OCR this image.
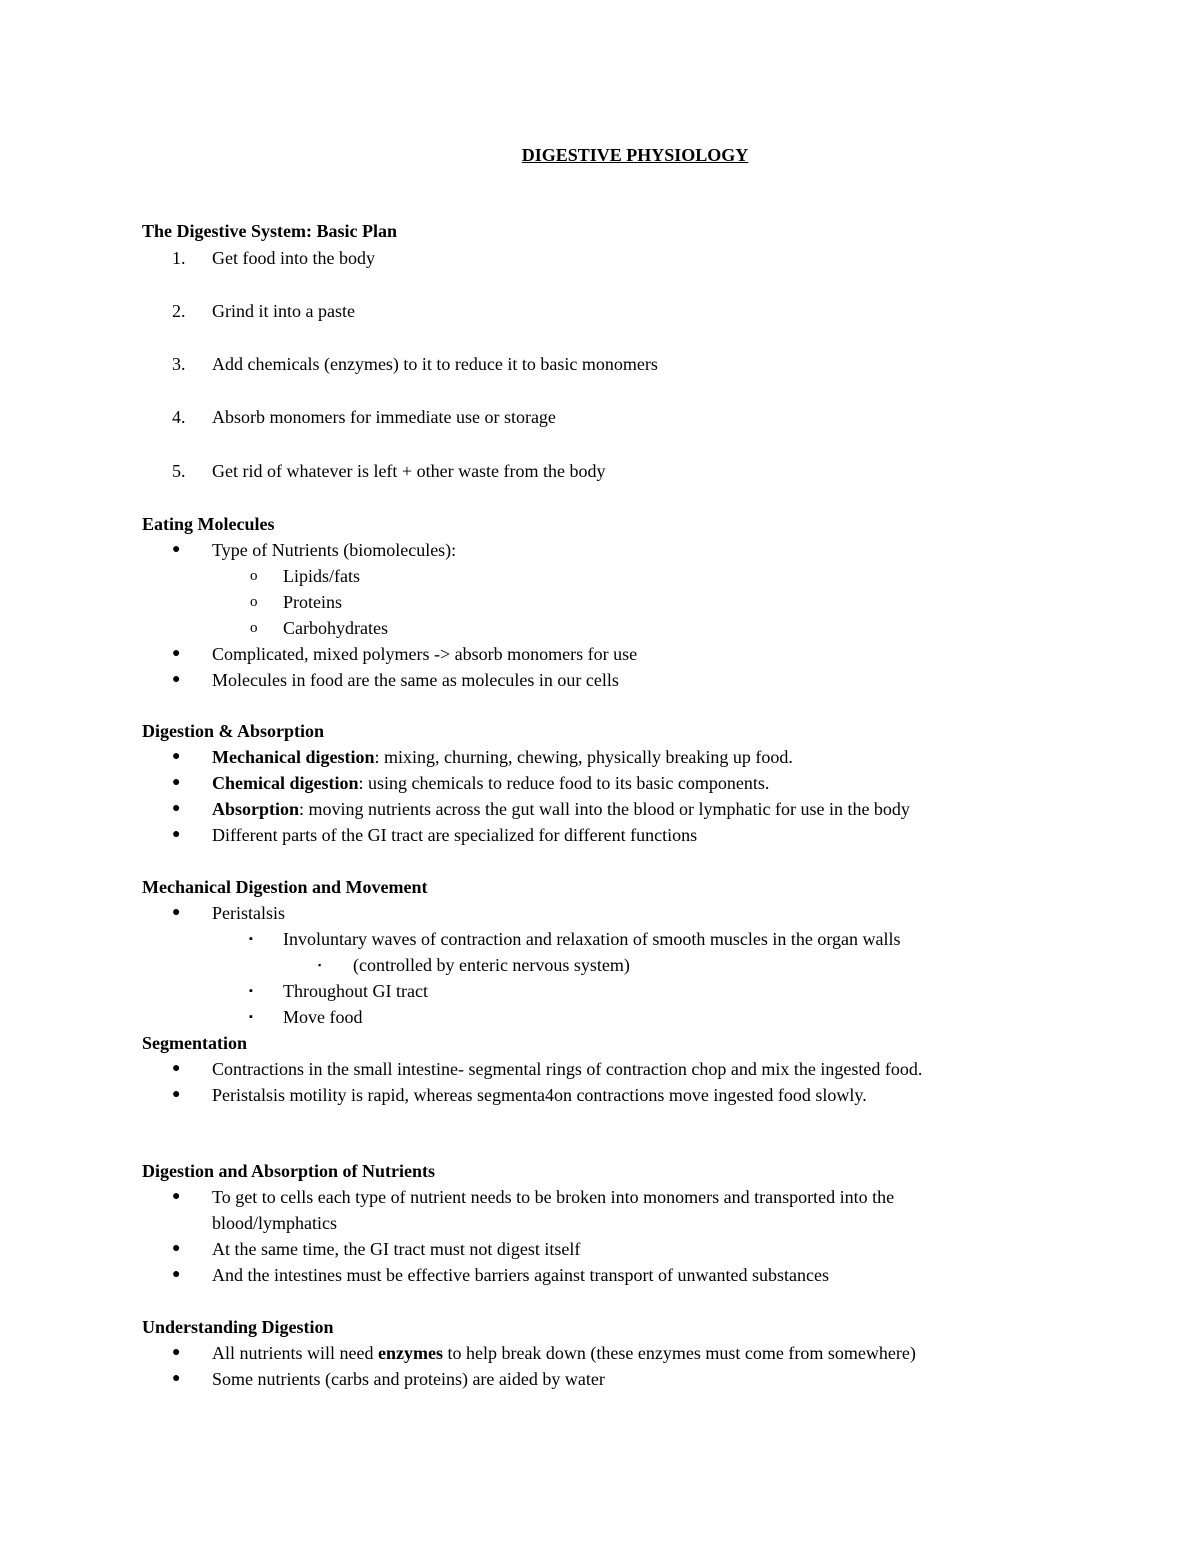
DIGESTIVE PHYSIOLOGY
The Digestive System: Basic Plan
1.	Get food into the body
2.	Grind it into a paste
3.	Add chemicals (enzymes) to it to reduce it to basic monomers
4.	Absorb monomers for immediate use or storage
5.	Get rid of whatever is left + other waste from the body
Eating Molecules
●	Type of Nutrients (biomolecules):
o	Lipids/fats
o	Proteins
o	Carbohydrates
●	Complicated, mixed polymers -> absorb monomers for use
●	Molecules in food are the same as molecules in our cells
Digestion & Absorption
●	Mechanical digestion: mixing, churning, chewing, physically breaking up food.
●	Chemical digestion: using chemicals to reduce food to its basic components.
●	Absorption: moving nutrients across the gut wall into the blood or lymphatic for use in the body
●	Different parts of the GI tract are specialized for different functions
Mechanical Digestion and Movement
●	Peristalsis
▪	Involuntary waves of contraction and relaxation of smooth muscles in the organ walls
▪	(controlled by enteric nervous system)
▪	Throughout GI tract
▪	Move food
Segmentation
●	Contractions in the small intestine- segmental rings of contraction chop and mix the ingested food.
●	Peristalsis motility is rapid, whereas segmenta4on contractions move ingested food slowly.
Digestion and Absorption of Nutrients
●	To get to cells each type of nutrient needs to be broken into monomers and transported into the blood/lymphatics
●	At the same time, the GI tract must not digest itself
●	And the intestines must be effective barriers against transport of unwanted substances
Understanding Digestion
●	All nutrients will need enzymes to help break down (these enzymes must come from somewhere)
●	Some nutrients (carbs and proteins) are aided by water
